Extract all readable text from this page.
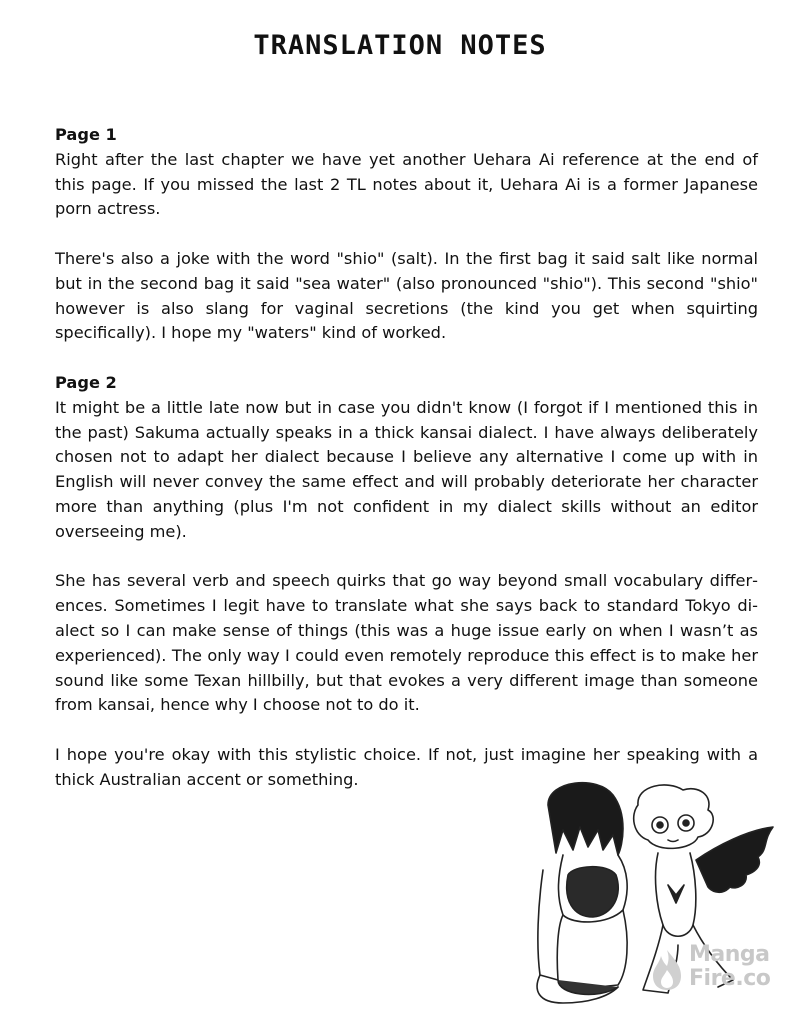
TRANSLATION NOTES

Page 1

Right after the last chapter we have yet another Uehara Ai reference at the end of this page. If you missed the last 2 TL notes about it, Uehara Ai is a former Japanese porn actress.

There's also a joke with the word "shio" (salt). In the first bag it said salt like normal but in the second bag it said "sea water" (also pronounced "shio"). This second "shio" however is also slang for vaginal secretions (the kind you get when squirting specifically). I hope my "waters" kind of worked.

Page 2

It might be a little late now but in case you didn't know (I forgot if I mentioned this in the past) Sakuma actually speaks in a thick kansai dialect. I have always deliberately chosen not to adapt her dialect because I believe any alternative I come up with in English will never convey the same effect and will probably deteriorate her character more than anything (plus I'm not confident in my dialect skills without an editor overseeing me).

She has several verb and speech quirks that go way beyond small vocabulary differences. Sometimes I legit have to translate what she says back to standard Tokyo dialect so I can make sense of things (this was a huge issue early on when I wasn’t as experienced). The only way I could even remotely reproduce this effect is to make her sound like some Texan hillbilly, but that evokes a very different image than someone from kansai, hence why I choose not to do it.

I hope you're okay with this stylistic choice. If not, just imagine her speaking with a thick Australian accent or something.

Manga
Fire.co
